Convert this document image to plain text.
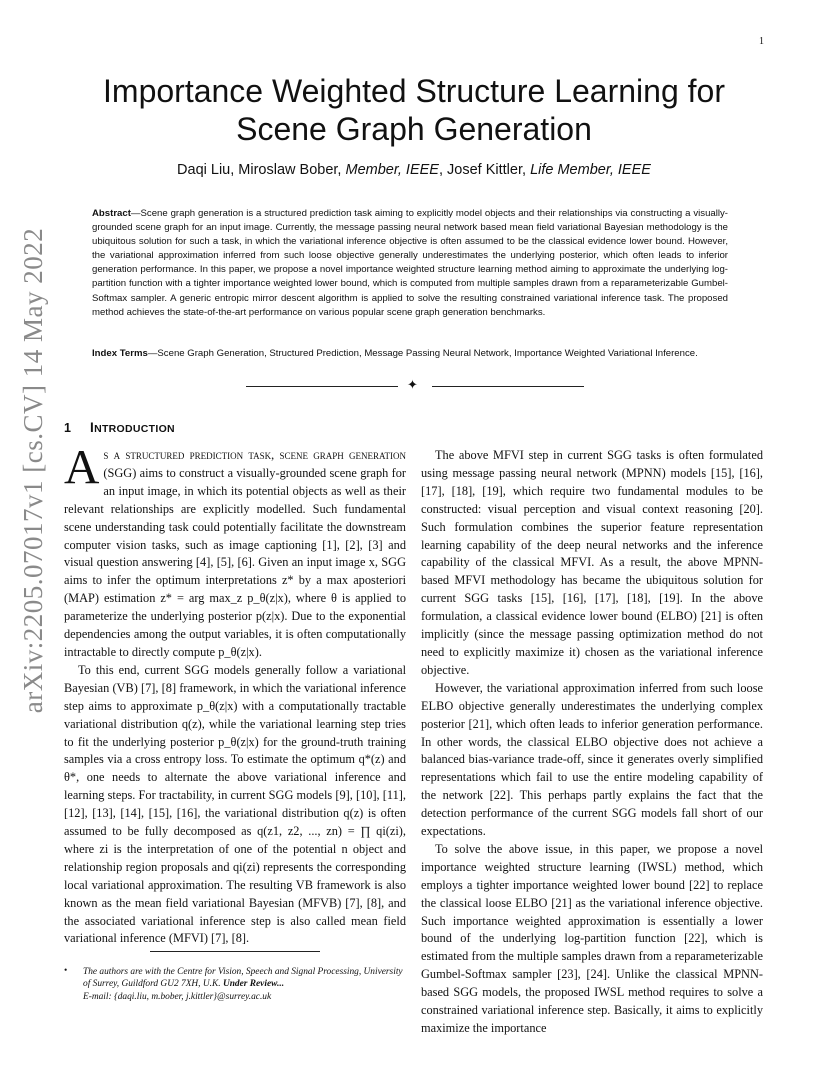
1
arXiv:2205.07017v1 [cs.CV] 14 May 2022
Importance Weighted Structure Learning for Scene Graph Generation
Daqi Liu, Miroslaw Bober, Member, IEEE, Josef Kittler, Life Member, IEEE
Abstract—Scene graph generation is a structured prediction task aiming to explicitly model objects and their relationships via constructing a visually-grounded scene graph for an input image. Currently, the message passing neural network based mean field variational Bayesian methodology is the ubiquitous solution for such a task, in which the variational inference objective is often assumed to be the classical evidence lower bound. However, the variational approximation inferred from such loose objective generally underestimates the underlying posterior, which often leads to inferior generation performance. In this paper, we propose a novel importance weighted structure learning method aiming to approximate the underlying log-partition function with a tighter importance weighted lower bound, which is computed from multiple samples drawn from a reparameterizable Gumbel-Softmax sampler. A generic entropic mirror descent algorithm is applied to solve the resulting constrained variational inference task. The proposed method achieves the state-of-the-art performance on various popular scene graph generation benchmarks.
Index Terms—Scene Graph Generation, Structured Prediction, Message Passing Neural Network, Importance Weighted Variational Inference.
✦
1 INTRODUCTION

As a structured prediction task, scene graph generation (SGG) aims to construct a visually-grounded scene graph for an input image, in which its potential objects as well as their relevant relationships are explicitly modelled. Such fundamental scene understanding task could potentially facilitate the downstream computer vision tasks, such as image captioning [1], [2], [3] and visual question answering [4], [5], [6]. Given an input image x, SGG aims to infer the optimum interpretations z* by a max aposteriori (MAP) estimation z* = arg max_z p_θ(z|x), where θ is applied to parameterize the underlying posterior p(z|x). Due to the exponential dependencies among the output variables, it is often computationally intractable to directly compute p_θ(z|x).

To this end, current SGG models generally follow a variational Bayesian (VB) [7], [8] framework, in which the variational inference step aims to approximate p_θ(z|x) with a computationally tractable variational distribution q(z), while the variational learning step tries to fit the underlying posterior p_θ(z|x) for the ground-truth training samples via a cross entropy loss. To estimate the optimum q*(z) and θ*, one needs to alternate the above variational inference and learning steps. For tractability, in current SGG models [9], [10], [11], [12], [13], [14], [15], [16], the variational distribution q(z) is often assumed to be fully decomposed as q(z1, z2, ..., zn) = ∏ qi(zi), where zi is the interpretation of one of the potential n object and relationship region proposals and qi(zi) represents the corresponding local variational approximation. The resulting VB framework is also known as the mean field variational Bayesian (MFVB) [7], [8], and the associated variational inference step is also called mean field variational inference (MFVI) [7], [8].

The above MFVI step in current SGG tasks is often formulated using message passing neural network (MPNN) models [15], [16], [17], [18], [19], which require two fundamental modules to be constructed: visual perception and visual context reasoning [20]. Such formulation combines the superior feature representation learning capability of the deep neural networks and the inference capability of the classical MFVI. As a result, the above MPNN-based MFVI methodology has became the ubiquitous solution for current SGG tasks [15], [16], [17], [18], [19]. In the above formulation, a classical evidence lower bound (ELBO) [21] is often implicitly (since the message passing optimization method do not need to explicitly maximize it) chosen as the variational inference objective.

However, the variational approximation inferred from such loose ELBO objective generally underestimates the underlying complex posterior [21], which often leads to inferior generation performance. In other words, the classical ELBO objective does not achieve a balanced bias-variance trade-off, since it generates overly simplified representations which fail to use the entire modeling capability of the network [22]. This perhaps partly explains the fact that the detection performance of the current SGG models fall short of our expectations.

To solve the above issue, in this paper, we propose a novel importance weighted structure learning (IWSL) method, which employs a tighter importance weighted lower bound [22] to replace the classical loose ELBO [21] as the variational inference objective. Such importance weighted approximation is essentially a lower bound of the underlying log-partition function [22], which is estimated from the multiple samples drawn from a reparameterizable Gumbel-Softmax sampler [23], [24]. Unlike the classical MPNN-based SGG models, the proposed IWSL method requires to solve a constrained variational inference step. Basically, it aims to explicitly maximize the importance

• The authors are with the Centre for Vision, Speech and Signal Processing, University of Surrey, Guildford GU2 7XH, U.K. Under Review...
E-mail: {daqi.liu, m.bober, j.kittler}@surrey.ac.uk
